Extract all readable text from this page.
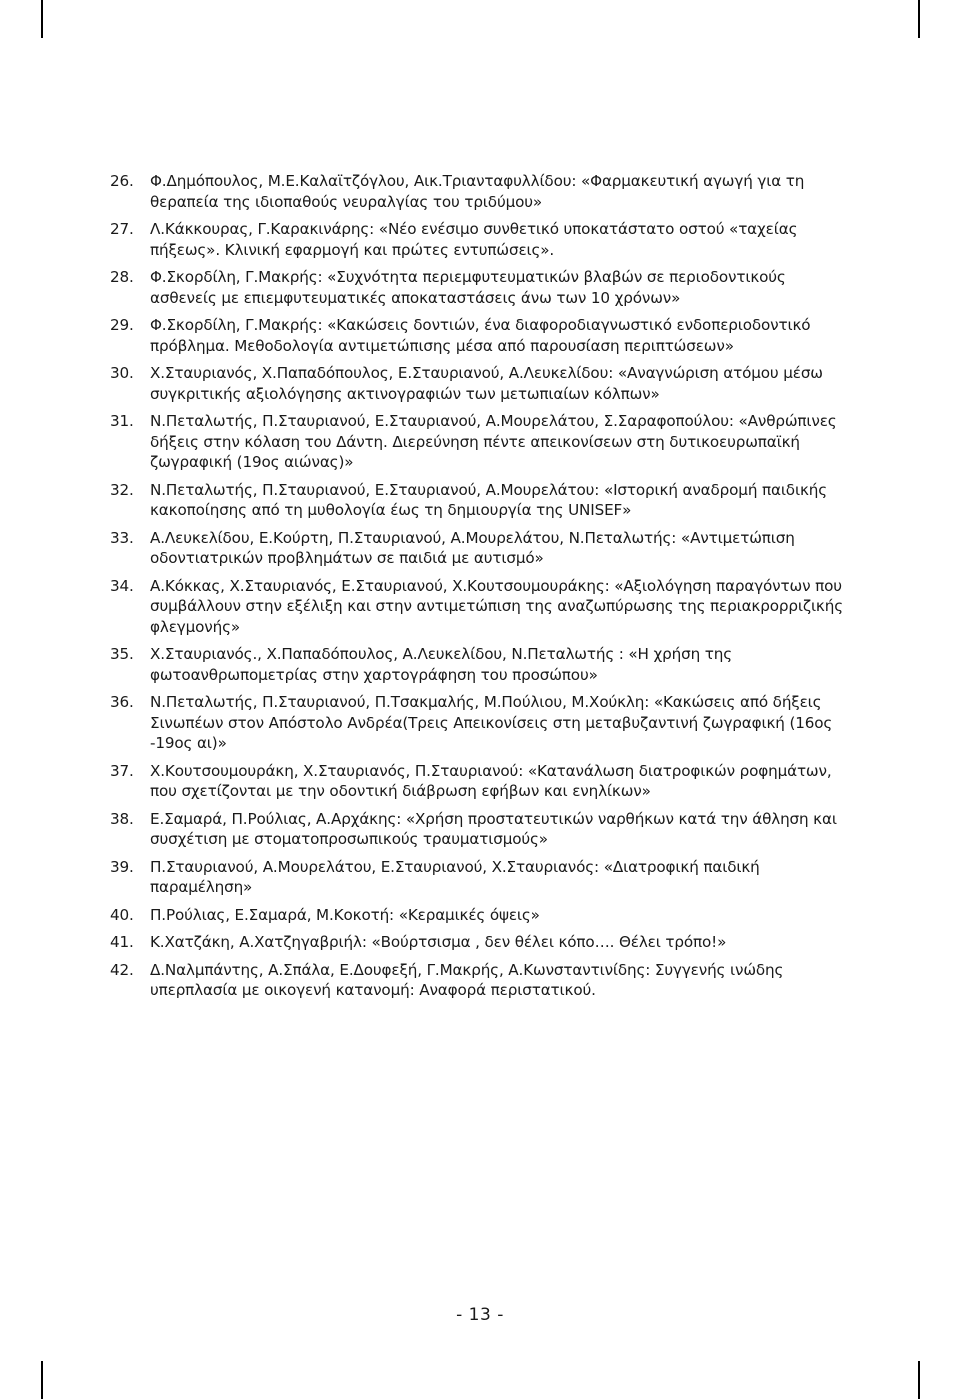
26. Φ.Δημόπουλος, Μ.Ε.Καλαϊτζόγλου, Αικ.Τριανταφυλλίδου: «Φαρμακευτική αγωγή για τη θεραπεία της ιδιοπαθούς νευραλγίας του τριδύμου»
27. Λ.Κάκκουρας, Γ.Καρακινάρης: «Νέο ενέσιμο συνθετικό υποκατάστατο οστού «ταχείας πήξεως». Κλινική εφαρμογή και πρώτες εντυπώσεις».
28. Φ.Σκορδίλη, Γ.Μακρής: «Συχνότητα περιεμφυτευματικών βλαβών σε περιοδοντικούς ασθενείς με επιεμφυτευματικές αποκαταστάσεις άνω των 10 χρόνων»
29. Φ.Σκορδίλη, Γ.Μακρής: «Κακώσεις δοντιών, ένα διαφοροδιαγνωστικό ενδοπεριοδοντικό πρόβλημα. Μεθοδολογία αντιμετώπισης μέσα από παρουσίαση περιπτώσεων»
30. Χ.Σταυριανός, Χ.Παπαδόπουλος, Ε.Σταυριανού, Α.Λευκελίδου: «Αναγνώριση ατόμου μέσω συγκριτικής αξιολόγησης ακτινογραφιών των μετωπιαίων κόλπων»
31. Ν.Πεταλωτής, Π.Σταυριανού, Ε.Σταυριανού, Α.Μουρελάτου, Σ.Σαραφοπούλου: «Ανθρώπινες δήξεις στην κόλαση του Δάντη. Διερεύνηση πέντε απεικονίσεων στη δυτικοευρωπαϊκή ζωγραφική (19ος αιώνας)»
32. Ν.Πεταλωτής, Π.Σταυριανού, Ε.Σταυριανού, Α.Μουρελάτου: «Ιστορική αναδρομή παιδικής κακοποίησης από τη μυθολογία έως τη δημιουργία της UNISEF»
33. Α.Λευκελίδου, Ε.Κούρτη, Π.Σταυριανού, Α.Μουρελάτου, Ν.Πεταλωτής: «Αντιμετώπιση οδοντιατρικών προβλημάτων σε παιδιά με αυτισμό»
34. Α.Κόκκας, Χ.Σταυριανός, Ε.Σταυριανού, Χ.Κουτσουμουράκης: «Αξιολόγηση παραγόντων που συμβάλλουν στην εξέλιξη και στην αντιμετώπιση της αναζωπύρωσης της περιακρορριζικής φλεγμονής»
35. Χ.Σταυριανός., Χ.Παπαδόπουλος, Α.Λευκελίδου, Ν.Πεταλωτής : «Η χρήση της φωτοανθρωπομετρίας στην χαρτογράφηση του προσώπου»
36. Ν.Πεταλωτής, Π.Σταυριανού, Π.Τσακμαλής, Μ.Πούλιου, Μ.Χούκλη: «Κακώσεις από δήξεις Σινωπέων στον Απόστολο Ανδρέα(Τρεις Απεικονίσεις στη μεταβυζαντινή ζωγραφική (16ος -19ος αι)»
37. Χ.Κουτσουμουράκη, Χ.Σταυριανός, Π.Σταυριανού: «Κατανάλωση διατροφικών ροφημάτων, που σχετίζονται με την οδοντική διάβρωση εφήβων και ενηλίκων»
38. Ε.Σαμαρά, Π.Ρούλιας, Α.Αρχάκης: «Χρήση προστατευτικών ναρθήκων κατά την άθληση και συσχέτιση με στοματοπροσωπικούς τραυματισμούς»
39. Π.Σταυριανού, Α.Μουρελάτου, Ε.Σταυριανού, Χ.Σταυριανός: «Διατροφική παιδική παραμέληση»
40. Π.Ρούλιας, Ε.Σαμαρά, Μ.Κοκοτή: «Κεραμικές όψεις»
41. Κ.Χατζάκη, Α.Χατζηγαβριήλ: «Βούρτσισμα , δεν θέλει κόπο…. Θέλει τρόπο!»
42. Δ.Ναλμπάντης, Α.Σπάλα, Ε.Δουφεξή, Γ.Μακρής, Α.Κωνσταντινίδης: Συγγενής ινώδης υπερπλασία με οικογενή κατανομή: Αναφορά περιστατικού.
- 13 -
